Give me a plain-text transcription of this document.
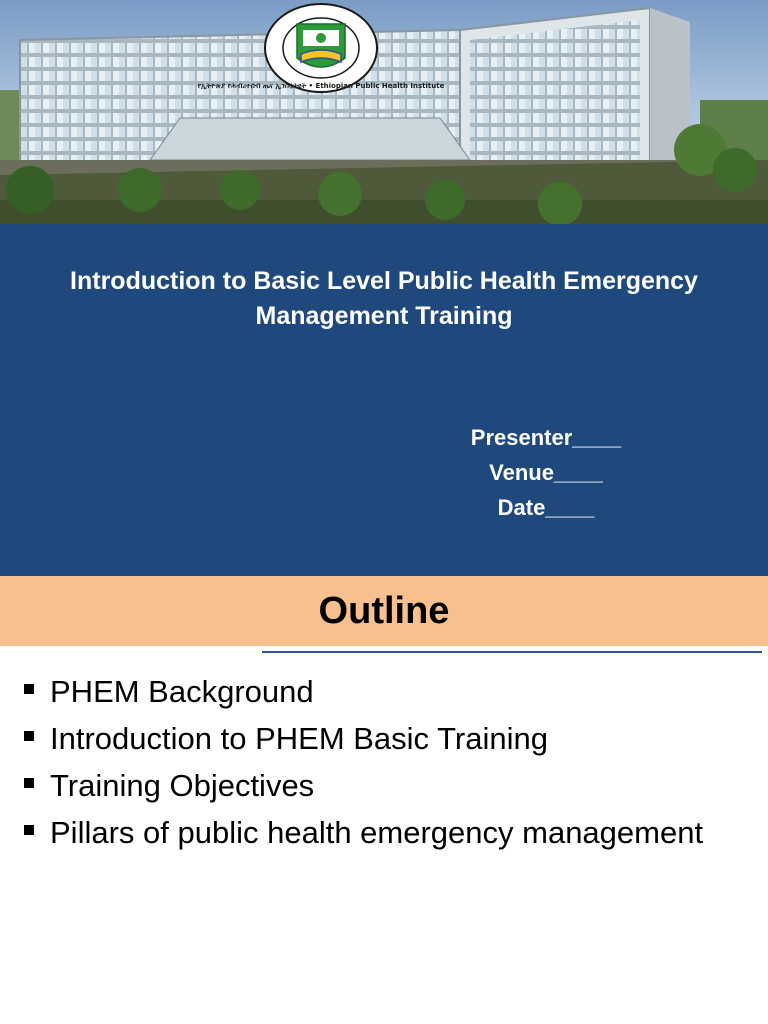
የኢትዮጵያ የሕብረተሰብ ጤና ኢንስቲትዩት • Ethiopian Public Health Institute
Introduction to Basic Level Public Health Emergency
Management Training
Presenter____
Venue____
Date____
Outline
PHEM Background
Introduction to PHEM Basic Training
Training Objectives
Pillars of public health emergency management
